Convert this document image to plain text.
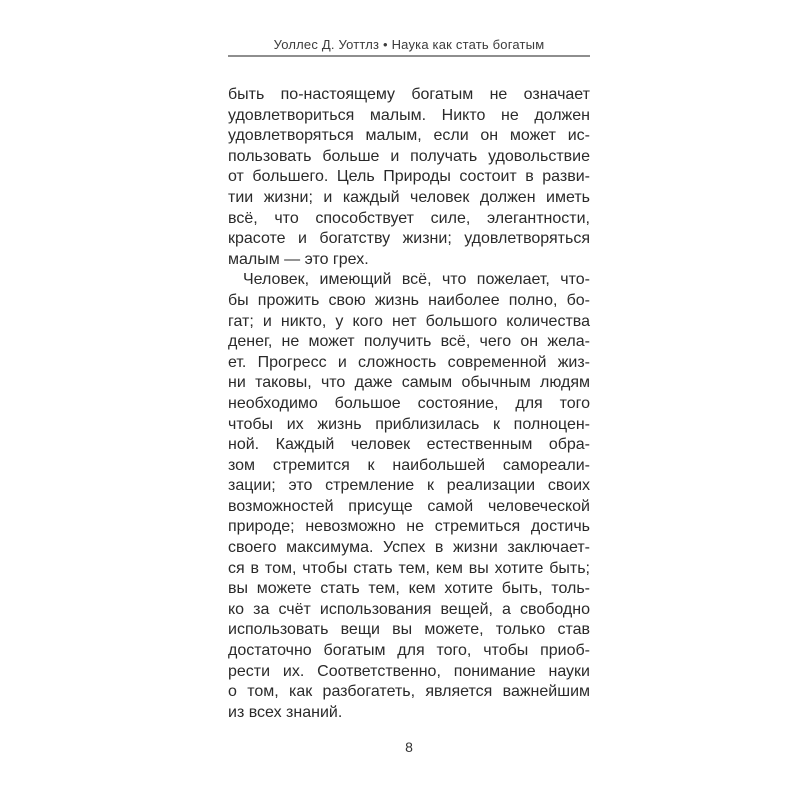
Уоллес Д. Уоттлз • Наука как стать богатым
быть по-настоящему богатым не означает
удовлетвориться малым. Никто не должен
удовлетворяться малым, если он может ис-
пользовать больше и получать удовольствие
от большего. Цель Природы состоит в разви-
тии жизни; и каждый человек должен иметь
всё, что способствует силе, элегантности,
красоте и богатству жизни; удовлетворяться
малым — это грех.
Человек, имеющий всё, что пожелает, что-
бы прожить свою жизнь наиболее полно, бо-
гат; и никто, у кого нет большого количества
денег, не может получить всё, чего он жела-
ет. Прогресс и сложность современной жиз-
ни таковы, что даже самым обычным людям
необходимо большое состояние, для того
чтобы их жизнь приблизилась к полноцен-
ной. Каждый человек естественным обра-
зом стремится к наибольшей самореали-
зации; это стремление к реализации своих
возможностей присуще самой человеческой
природе; невозможно не стремиться достичь
своего максимума. Успех в жизни заключает-
ся в том, чтобы стать тем, кем вы хотите быть;
вы можете стать тем, кем хотите быть, толь-
ко за счёт использования вещей, а свободно
использовать вещи вы можете, только став
достаточно богатым для того, чтобы приоб-
рести их. Соответственно, понимание науки
о том, как разбогатеть, является важнейшим
из всех знаний.
8
